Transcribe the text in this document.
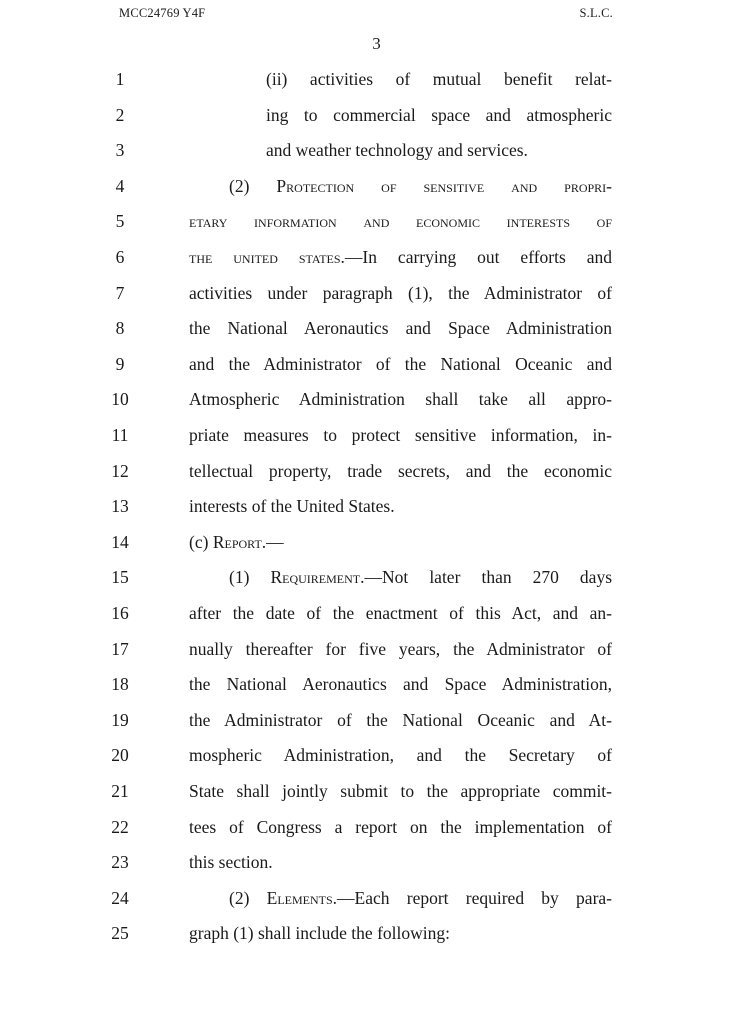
MCC24769 Y4F	S.L.C.
3
1	(ii) activities of mutual benefit relat-
2	ing to commercial space and atmospheric
3	and weather technology and services.
4	(2) Protection of sensitive and propri-
5	etary information and economic interests of
6	the united states.—In carrying out efforts and
7	activities under paragraph (1), the Administrator of
8	the National Aeronautics and Space Administration
9	and the Administrator of the National Oceanic and
10	Atmospheric Administration shall take all appro-
11	priate measures to protect sensitive information, in-
12	tellectual property, trade secrets, and the economic
13	interests of the United States.
14	(c) Report.—
15	(1) Requirement.—Not later than 270 days
16	after the date of the enactment of this Act, and an-
17	nually thereafter for five years, the Administrator of
18	the National Aeronautics and Space Administration,
19	the Administrator of the National Oceanic and At-
20	mospheric Administration, and the Secretary of
21	State shall jointly submit to the appropriate commit-
22	tees of Congress a report on the implementation of
23	this section.
24	(2) Elements.—Each report required by para-
25	graph (1) shall include the following:
